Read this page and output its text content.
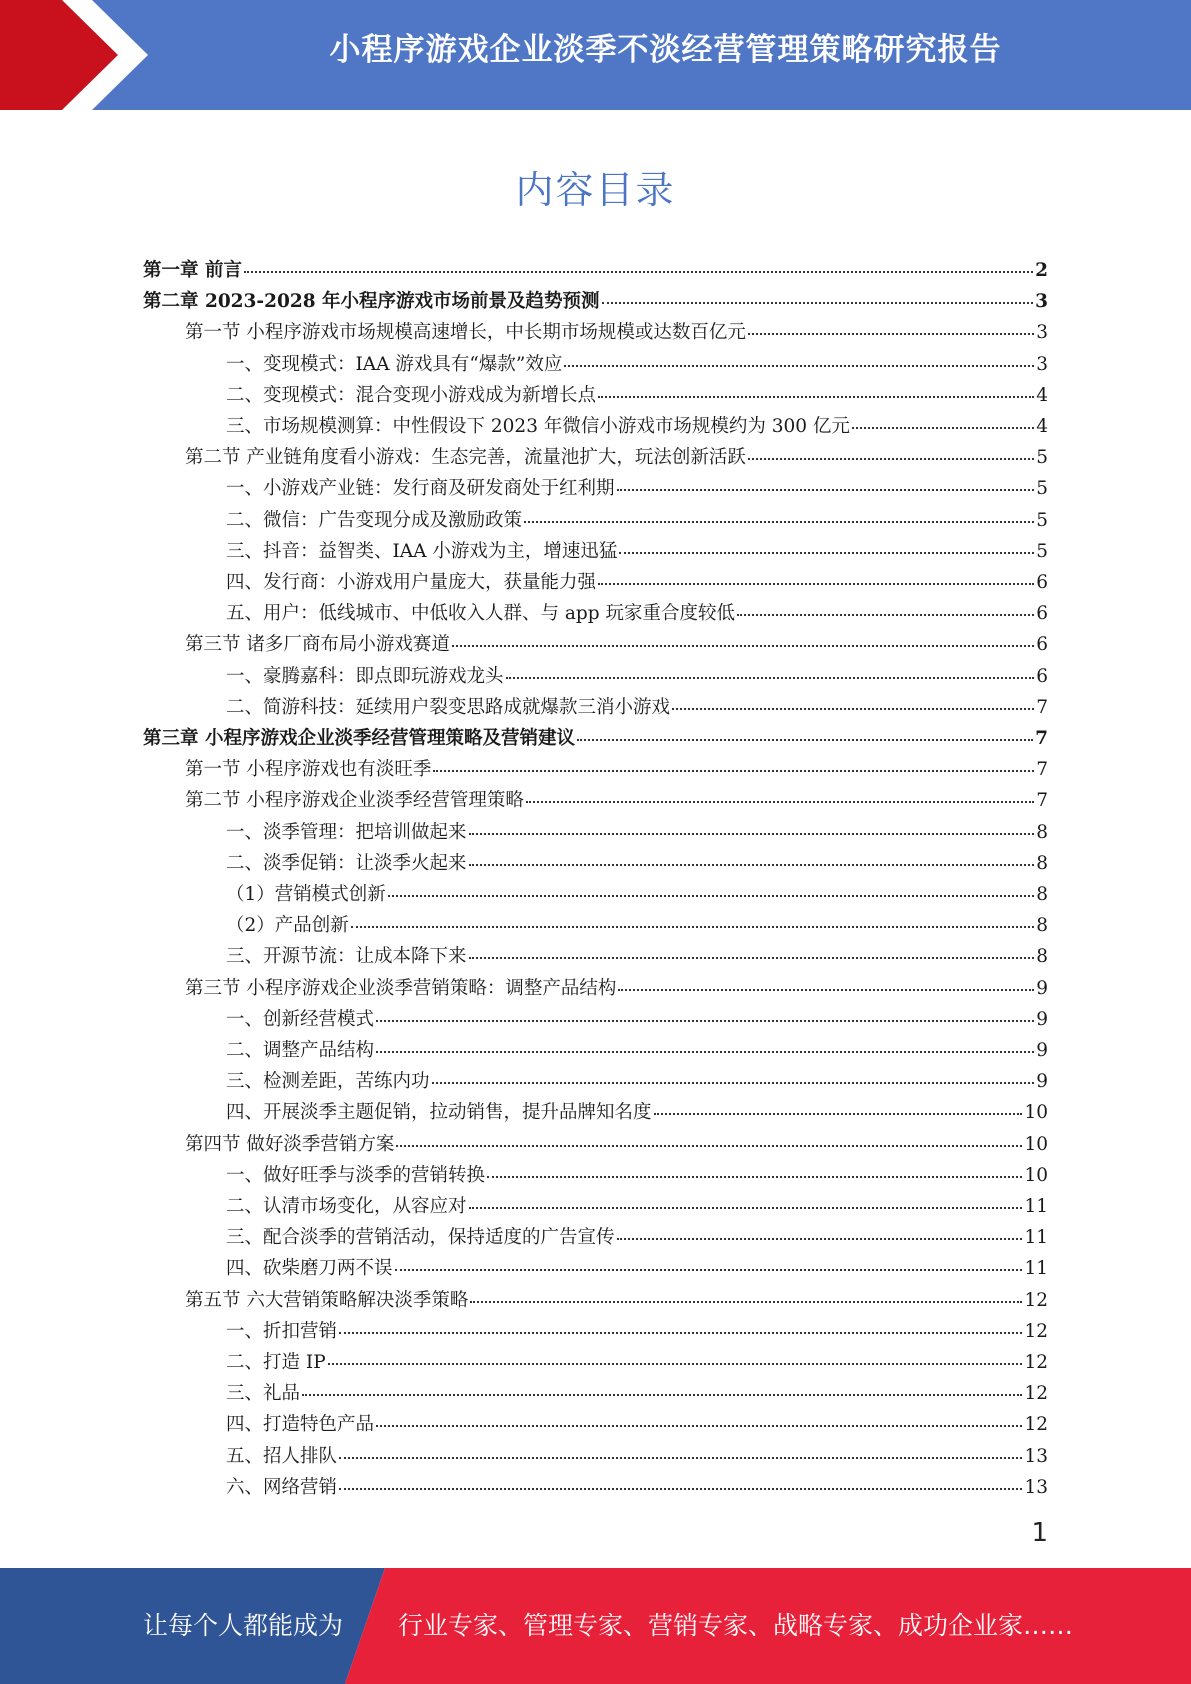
小程序游戏企业淡季不淡经营管理策略研究报告
内容目录
第一章 前言	2
第二章 2023-2028 年小程序游戏市场前景及趋势预测	3
第一节 小程序游戏市场规模高速增长，中长期市场规模或达数百亿元	3
一、变现模式：IAA 游戏具有“爆款”效应	3
二、变现模式：混合变现小游戏成为新增长点	4
三、市场规模测算：中性假设下 2023 年微信小游戏市场规模约为 300 亿元	4
第二节 产业链角度看小游戏：生态完善，流量池扩大，玩法创新活跃	5
一、小游戏产业链：发行商及研发商处于红利期	5
二、微信：广告变现分成及激励政策	5
三、抖音：益智类、IAA 小游戏为主，增速迅猛	5
四、发行商：小游戏用户量庞大，获量能力强	6
五、用户：低线城市、中低收入人群、与 app 玩家重合度较低	6
第三节 诸多厂商布局小游戏赛道	6
一、豪腾嘉科：即点即玩游戏龙头	6
二、简游科技：延续用户裂变思路成就爆款三消小游戏	7
第三章 小程序游戏企业淡季经营管理策略及营销建议	7
第一节 小程序游戏也有淡旺季	7
第二节 小程序游戏企业淡季经营管理策略	7
一、淡季管理：把培训做起来	8
二、淡季促销：让淡季火起来	8
（1）营销模式创新	8
（2）产品创新	8
三、开源节流：让成本降下来	8
第三节 小程序游戏企业淡季营销策略：调整产品结构	9
一、创新经营模式	9
二、调整产品结构	9
三、检测差距，苦练内功	9
四、开展淡季主题促销，拉动销售，提升品牌知名度	10
第四节 做好淡季营销方案	10
一、做好旺季与淡季的营销转换	10
二、认清市场变化，从容应对	11
三、配合淡季的营销活动，保持适度的广告宣传	11
四、砍柴磨刀两不误	11
第五节 六大营销策略解决淡季策略	12
一、折扣营销	12
二、打造 IP	12
三、礼品	12
四、打造特色产品	12
五、招人排队	13
六、网络营销	13
1
让每个人都能成为 行业专家、管理专家、营销专家、战略专家、成功企业家……
